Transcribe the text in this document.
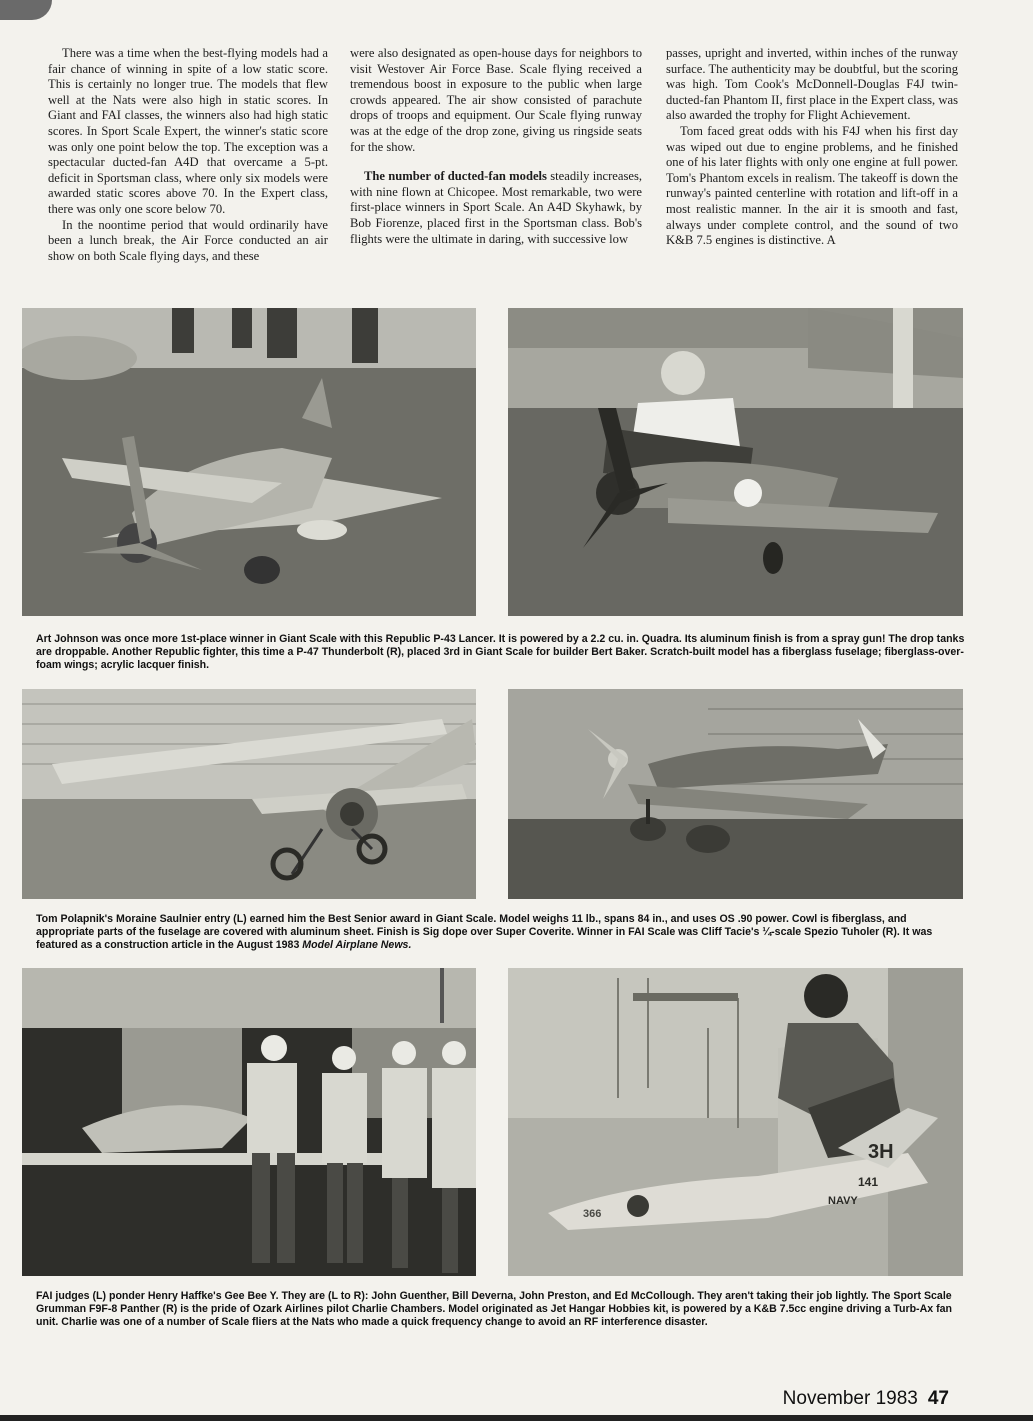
There was a time when the best-flying models had a fair chance of winning in spite of a low static score. This is certainly no longer true. The models that flew well at the Nats were also high in static scores. In Giant and FAI classes, the winners also had high static scores. In Sport Scale Expert, the winner's static score was only one point below the top. The exception was a spectacular ducted-fan A4D that overcame a 5-pt. deficit in Sportsman class, where only six models were awarded static scores above 70. In the Expert class, there was only one score below 70.

In the noontime period that would ordinarily have been a lunch break, the Air Force conducted an air show on both Scale flying days, and these

were also designated as open-house days for neighbors to visit Westover Air Force Base. Scale flying received a tremendous boost in exposure to the public when large crowds appeared. The air show consisted of parachute drops of troops and equipment. Our Scale flying runway was at the edge of the drop zone, giving us ringside seats for the show.

The number of ducted-fan models steadily increases, with nine flown at Chicopee. Most remarkable, two were first-place winners in Sport Scale. An A4D Skyhawk, by Bob Fiorenze, placed first in the Sportsman class. Bob's flights were the ultimate in daring, with successive low

passes, upright and inverted, within inches of the runway surface. The authenticity may be doubtful, but the scoring was high. Tom Cook's McDonnell-Douglas F4J twin-ducted-fan Phantom II, first place in the Expert class, was also awarded the trophy for Flight Achievement.

Tom faced great odds with his F4J when his first day was wiped out due to engine problems, and he finished one of his later flights with only one engine at full power. Tom's Phantom excels in realism. The takeoff is down the runway's painted centerline with rotation and lift-off in a most realistic manner. In the air it is smooth and fast, always under complete control, and the sound of two K&B 7.5 engines is distinctive. A

Art Johnson was once more 1st-place winner in Giant Scale with this Republic P-43 Lancer. It is powered by a 2.2 cu. in. Quadra. Its aluminum finish is from a spray gun! The drop tanks are droppable. Another Republic fighter, this time a P-47 Thunderbolt (R), placed 3rd in Giant Scale for builder Bert Baker. Scratch-built model has a fiberglass fuselage; fiberglass-over-foam wings; acrylic lacquer finish.
Tom Polapnik's Moraine Saulnier entry (L) earned him the Best Senior award in Giant Scale. Model weighs 11 lb., spans 84 in., and uses OS .90 power. Cowl is fiberglass, and appropriate parts of the fuselage are covered with aluminum sheet. Finish is Sig dope over Super Coverite. Winner in FAI Scale was Cliff Tacie's ¼-scale Spezio Tuholer (R). It was featured as a construction article in the August 1983 Model Airplane News.
3H
141
NAVY
366
FAI judges (L) ponder Henry Haffke's Gee Bee Y. They are (L to R): John Guenther, Bill Deverna, John Preston, and Ed McCollough. They aren't taking their job lightly. The Sport Scale Grumman F9F-8 Panther (R) is the pride of Ozark Airlines pilot Charlie Chambers. Model originated as Jet Hangar Hobbies kit, is powered by a K&B 7.5cc engine driving a Turb-Ax fan unit. Charlie was one of a number of Scale fliers at the Nats who made a quick frequency change to avoid an RF interference disaster.
November 1983 47
